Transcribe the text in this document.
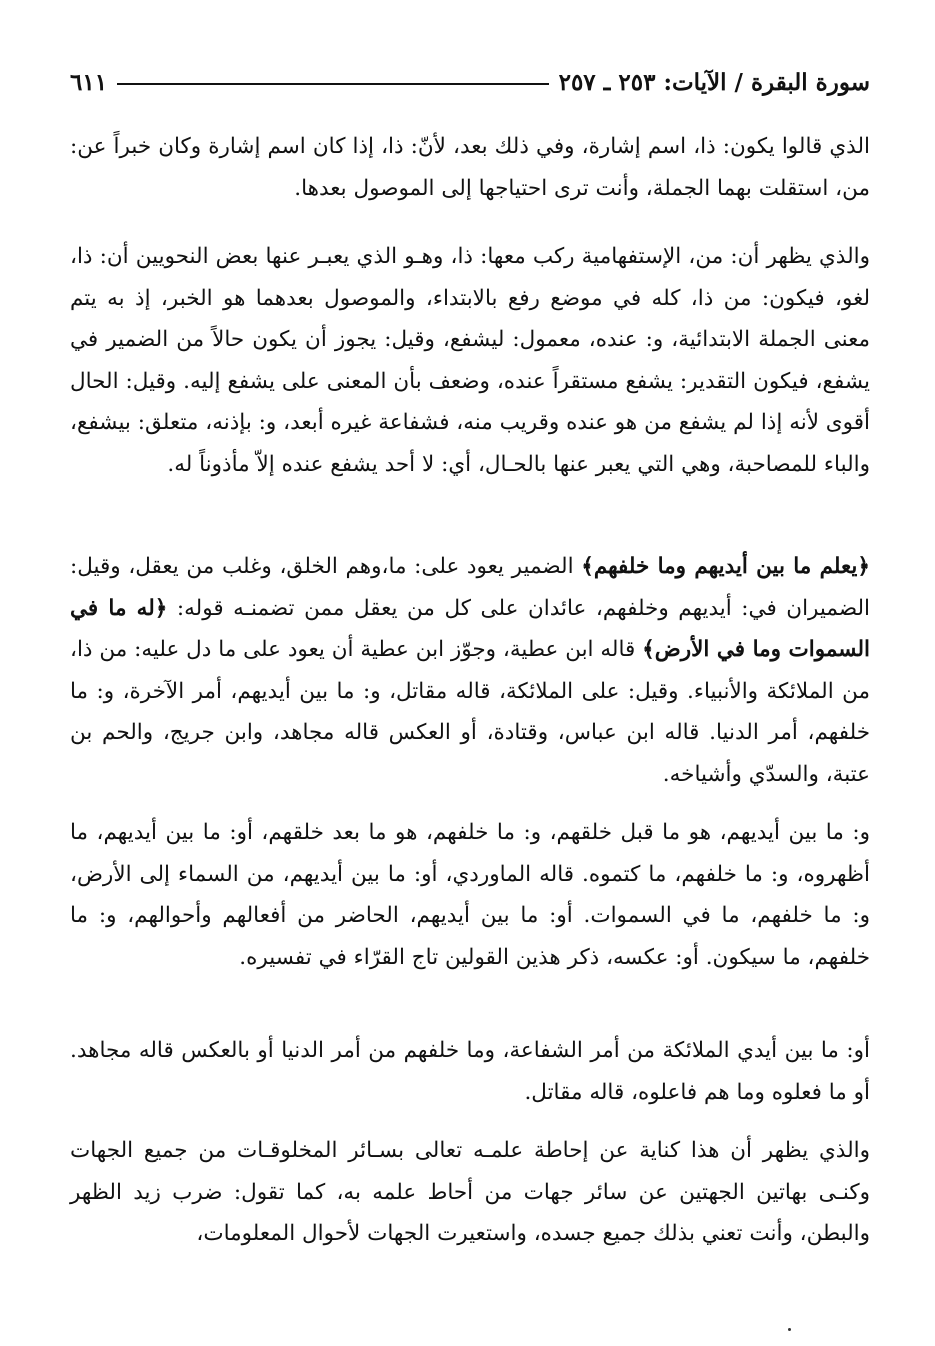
سورة البقرة / الآيات: ٢٥٣ ـ ٢٥٧
٦١١

الذي قالوا يكون: ذا، اسم إشارة، وفي ذلك بعد، لأنّ: ذا، إذا كان اسم إشارة وكان خبراً عن: من، استقلت بهما الجملة، وأنت ترى احتياجها إلى الموصول بعدها.

والذي يظهر أن: من، الإستفهامية ركب معها: ذا، وهـو الذي يعبـر عنها بعض النحويين أن: ذا، لغو، فيكون: من ذا، كله في موضع رفع بالابتداء، والموصول بعدهما هو الخبر، إذ به يتم معنى الجملة الابتدائية، و: عنده، معمول: ليشفع، وقيل: يجوز أن يكون حالاً من الضمير في يشفع، فيكون التقدير: يشفع مستقراً عنده، وضعف بأن المعنى على يشفع إليه. وقيل: الحال أقوى لأنه إذا لم يشفع من هو عنده وقريب منه، فشفاعة غيره أبعد، و: بإذنه، متعلق: بيشفع، والباء للمصاحبة، وهي التي يعبر عنها بالحـال، أي: لا أحد يشفع عنده إلاّ مأذوناً له.

﴿يعلم ما بين أيديهم وما خلفهم﴾ الضمير يعود على: ما،وهم الخلق، وغلب من يعقل، وقيل: الضميران في: أيديهم وخلفهم، عائدان على كل من يعقل ممن تضمنـه قوله: ﴿له ما في السموات وما في الأرض﴾ قاله ابن عطية، وجوّز ابن عطية أن يعود على ما دل عليه: من ذا، من الملائكة والأنبياء. وقيل: على الملائكة، قاله مقاتل، و: ما بين أيديهم، أمر الآخرة، و: ما خلفهم، أمر الدنيا. قاله ابن عباس، وقتادة، أو العكس قاله مجاهد، وابن جريج، والحم بن عتبة، والسدّي وأشياخه.

و: ما بين أيديهم، هو ما قبل خلقهم، و: ما خلفهم، هو ما بعد خلقهم، أو: ما بين أيديهم، ما أظهروه، و: ما خلفهم، ما كتموه. قاله الماوردي، أو: ما بين أيديهم، من السماء إلى الأرض، و: ما خلفهم، ما في السموات. أو: ما بين أيديهم، الحاضر من أفعالهم وأحوالهم، و: ما خلفهم، ما سيكون. أو: عكسه، ذكر هذين القولين تاج القرّاء في تفسيره.

أو: ما بين أيدي الملائكة من أمر الشفاعة، وما خلفهم من أمر الدنيا أو بالعكس قاله مجاهد. أو ما فعلوه وما هم فاعلوه، قاله مقاتل.

والذي يظهر أن هذا كناية عن إحاطة علمـه تعالى بسـائر المخلوقـات من جميع الجهات وكنـى بهاتين الجهتين عن سائر جهات من أحاط علمه به، كما تقول: ضرب زيد الظهر والبطن، وأنت تعني بذلك جميع جسده، واستعيرت الجهات لأحوال المعلومات،
